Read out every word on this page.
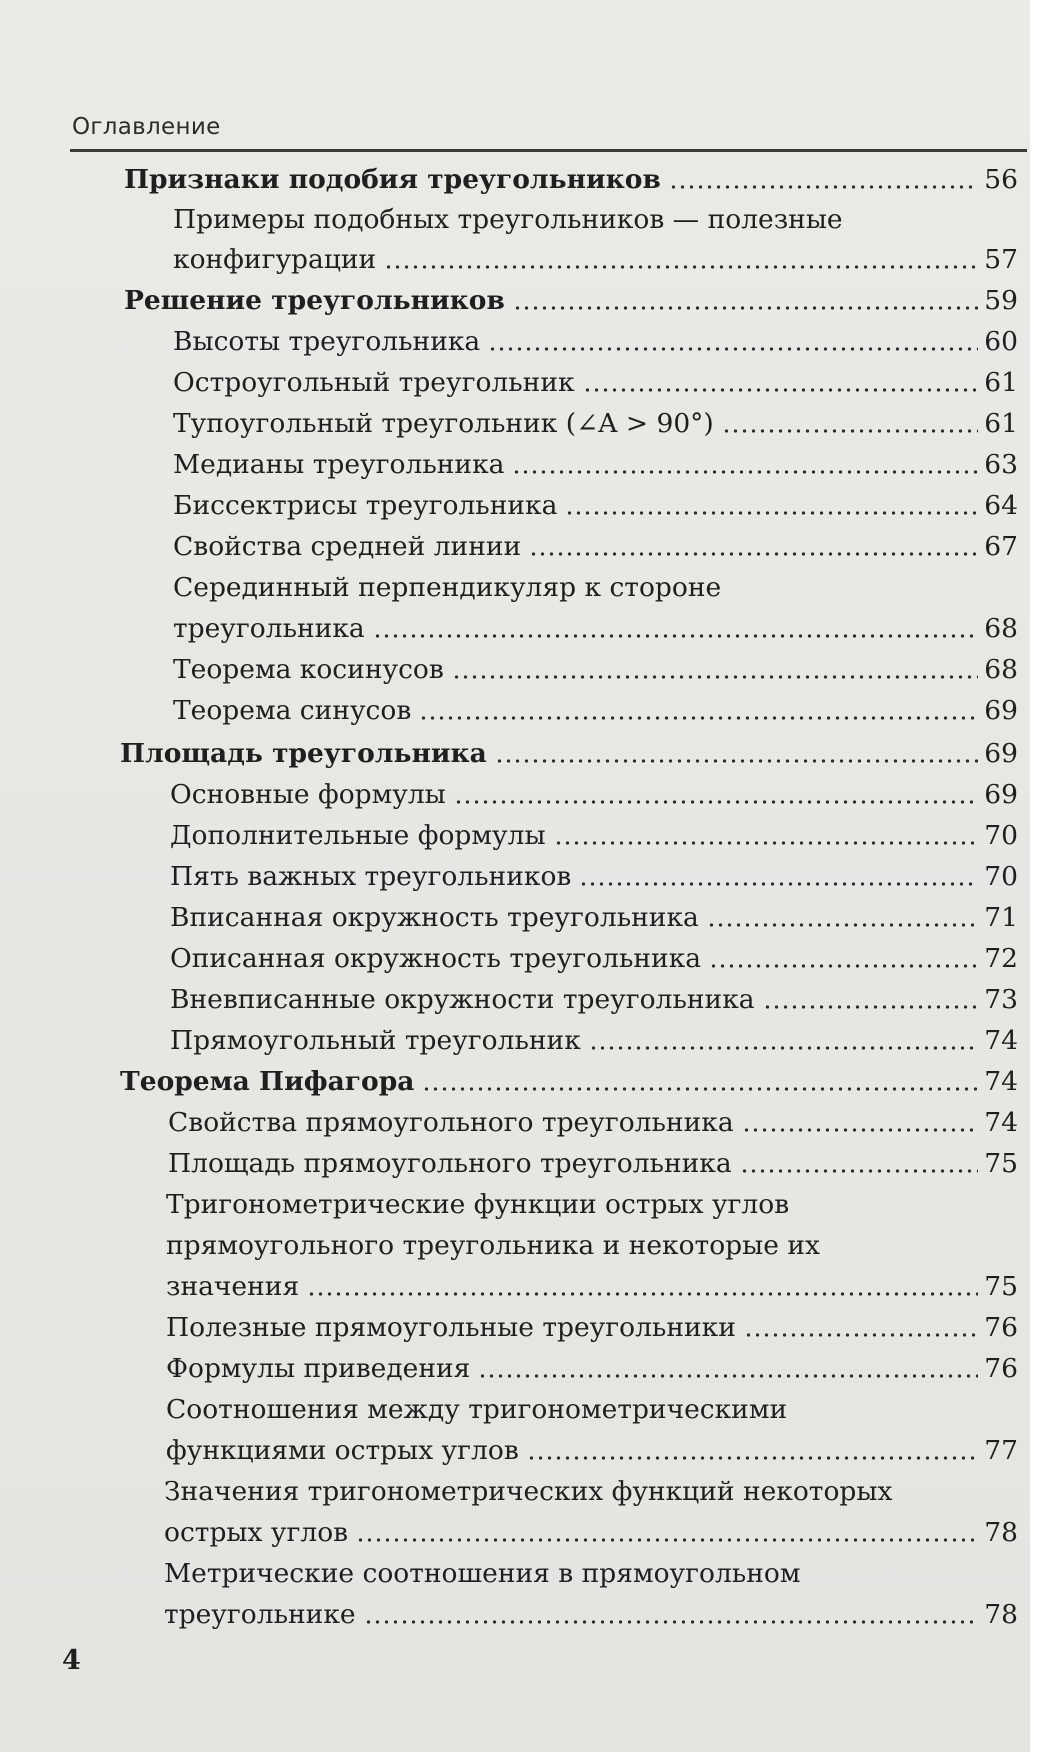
Оглавление
Признаки подобия треугольников	56
Примеры подобных треугольников — полезные
конфигурации	57
Решение треугольников	59
Высоты треугольника	60
Остроугольный треугольник	61
Тупоугольный треугольник (∠A > 90°)	61
Медианы треугольника	63
Биссектрисы треугольника	64
Свойства средней линии	67
Серединный перпендикуляр к стороне
треугольника	68
Теорема косинусов	68
Теорема синусов	69
Площадь треугольника	69
Основные формулы	69
Дополнительные формулы	70
Пять важных треугольников	70
Вписанная окружность треугольника	71
Описанная окружность треугольника	72
Вневписанные окружности треугольника	73
Прямоугольный треугольник	74
Теорема Пифагора	74
Свойства прямоугольного треугольника	74
Площадь прямоугольного треугольника	75
Тригонометрические функции острых углов
прямоугольного треугольника и некоторые их
значения	75
Полезные прямоугольные треугольники	76
Формулы приведения	76
Соотношения между тригонометрическими
функциями острых углов	77
Значения тригонометрических функций некоторых
острых углов	78
Метрические соотношения в прямоугольном
треугольнике	78
4
